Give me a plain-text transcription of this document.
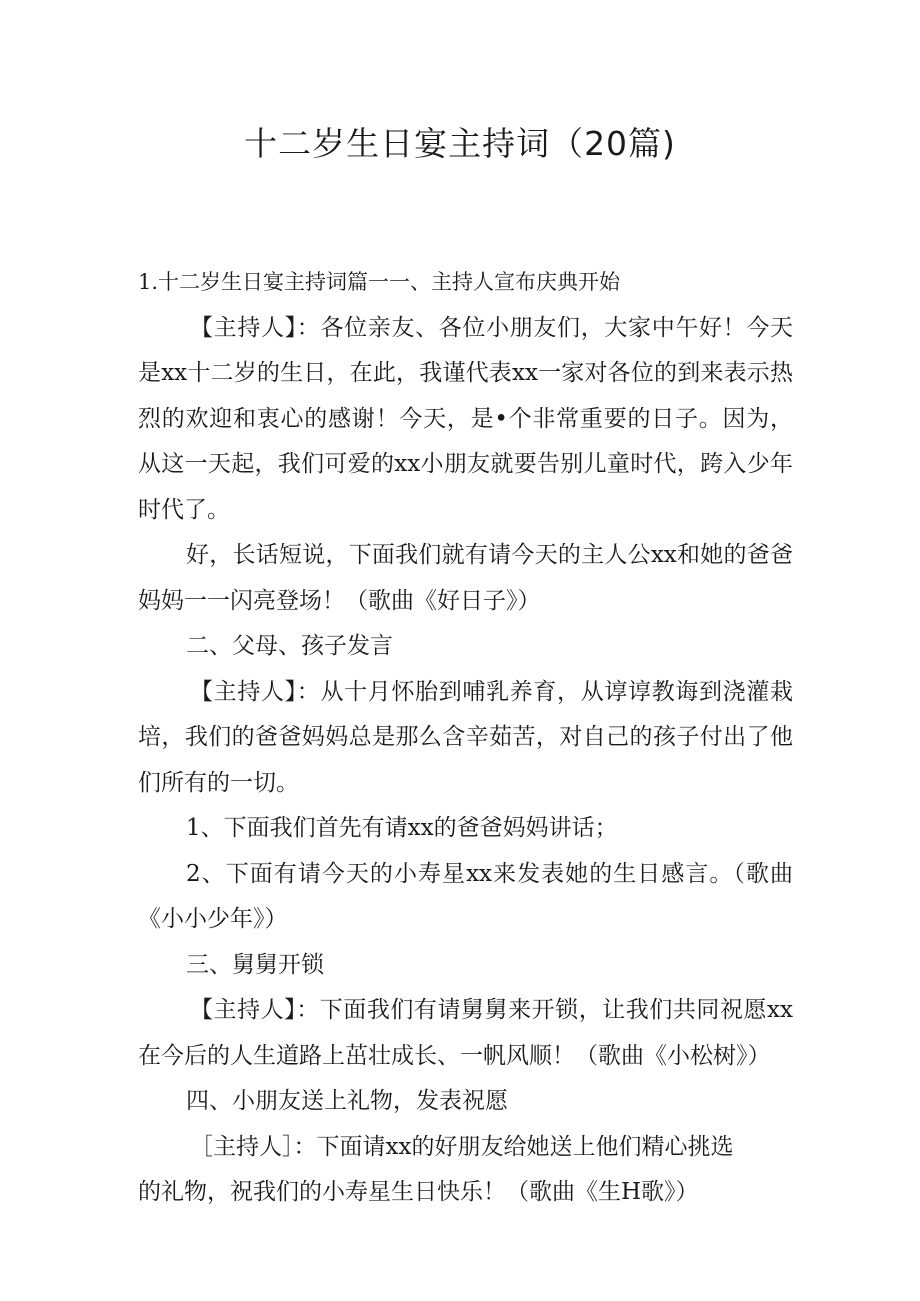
十二岁生日宴主持词（20篇)

1.十二岁生日宴主持词篇一一、主持人宣布庆典开始

【主持人】：各位亲友、各位小朋友们，大家中午好！今天是xx十二岁的生日，在此，我谨代表xx一家对各位的到来表示热烈的欢迎和衷心的感谢！今天，是•个非常重要的日子。因为，从这一天起，我们可爱的xx小朋友就要告别儿童时代，跨入少年时代了。

好，长话短说，下面我们就有请今天的主人公xx和她的爸爸妈妈一一闪亮登场！（歌曲《好日子》）

二、父母、孩子发言

【主持人】：从十月怀胎到哺乳养育，从谆谆教诲到浇灌栽培，我们的爸爸妈妈总是那么含辛茹苦，对自己的孩子付出了他们所有的一切。

1、下面我们首先有请xx的爸爸妈妈讲话；

2、下面有请今天的小寿星xx来发表她的生日感言。（歌曲《小小少年》）

三、舅舅开锁

【主持人】：下面我们有请舅舅来开锁，让我们共同祝愿xx在今后的人生道路上茁壮成长、一帆风顺！（歌曲《小松树》）

四、小朋友送上礼物，发表祝愿

［主持人］：下面请xx的好朋友给她送上他们精心挑选

的礼物，祝我们的小寿星生日快乐！（歌曲《生H歌》）
